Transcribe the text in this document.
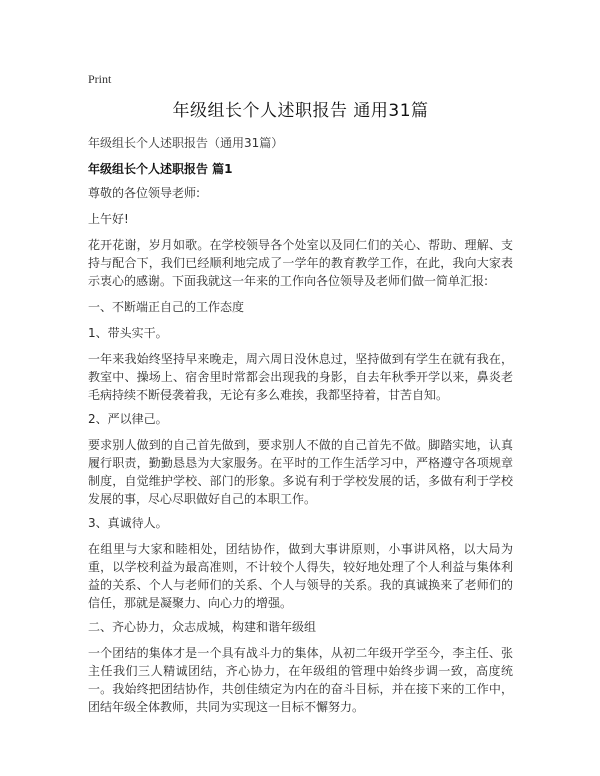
Print
年级组长个人述职报告 通用31篇
年级组长个人述职报告（通用31篇）
年级组长个人述职报告 篇1
尊敬的各位领导老师:
上午好!
花开花谢，岁月如歌。在学校领导各个处室以及同仁们的关心、帮助、理解、支持与配合下，我们已经顺利地完成了一学年的教育教学工作，在此，我向大家表示衷心的感谢。下面我就这一年来的工作向各位领导及老师们做一简单汇报:
一、不断端正自己的工作态度
1、带头实干。
一年来我始终坚持早来晚走，周六周日没休息过，坚持做到有学生在就有我在，教室中、操场上、宿舍里时常都会出现我的身影，自去年秋季开学以来，鼻炎老毛病持续不断侵袭着我，无论有多么难挨，我都坚持着，甘苦自知。
2、严以律己。
要求别人做到的自己首先做到，要求别人不做的自己首先不做。脚踏实地，认真履行职责，勤勤恳恳为大家服务。在平时的工作生活学习中，严格遵守各项规章制度，自觉维护学校、部门的形象。多说有利于学校发展的话，多做有利于学校发展的事，尽心尽职做好自己的本职工作。
3、真诚待人。
在组里与大家和睦相处，团结协作，做到大事讲原则，小事讲风格，以大局为重，以学校利益为最高准则，不计较个人得失，较好地处理了个人利益与集体利益的关系、个人与老师们的关系、个人与领导的关系。我的真诚换来了老师们的信任，那就是凝聚力、向心力的增强。
二、齐心协力，众志成城，构建和谐年级组
一个团结的集体才是一个具有战斗力的集体，从初二年级开学至今，李主任、张主任我们三人精诚团结，齐心协力，在年级组的管理中始终步调一致，高度统一。我始终把团结协作，共创佳绩定为内在的奋斗目标，并在接下来的工作中，团结年级全体教师，共同为实现这一目标不懈努力。
